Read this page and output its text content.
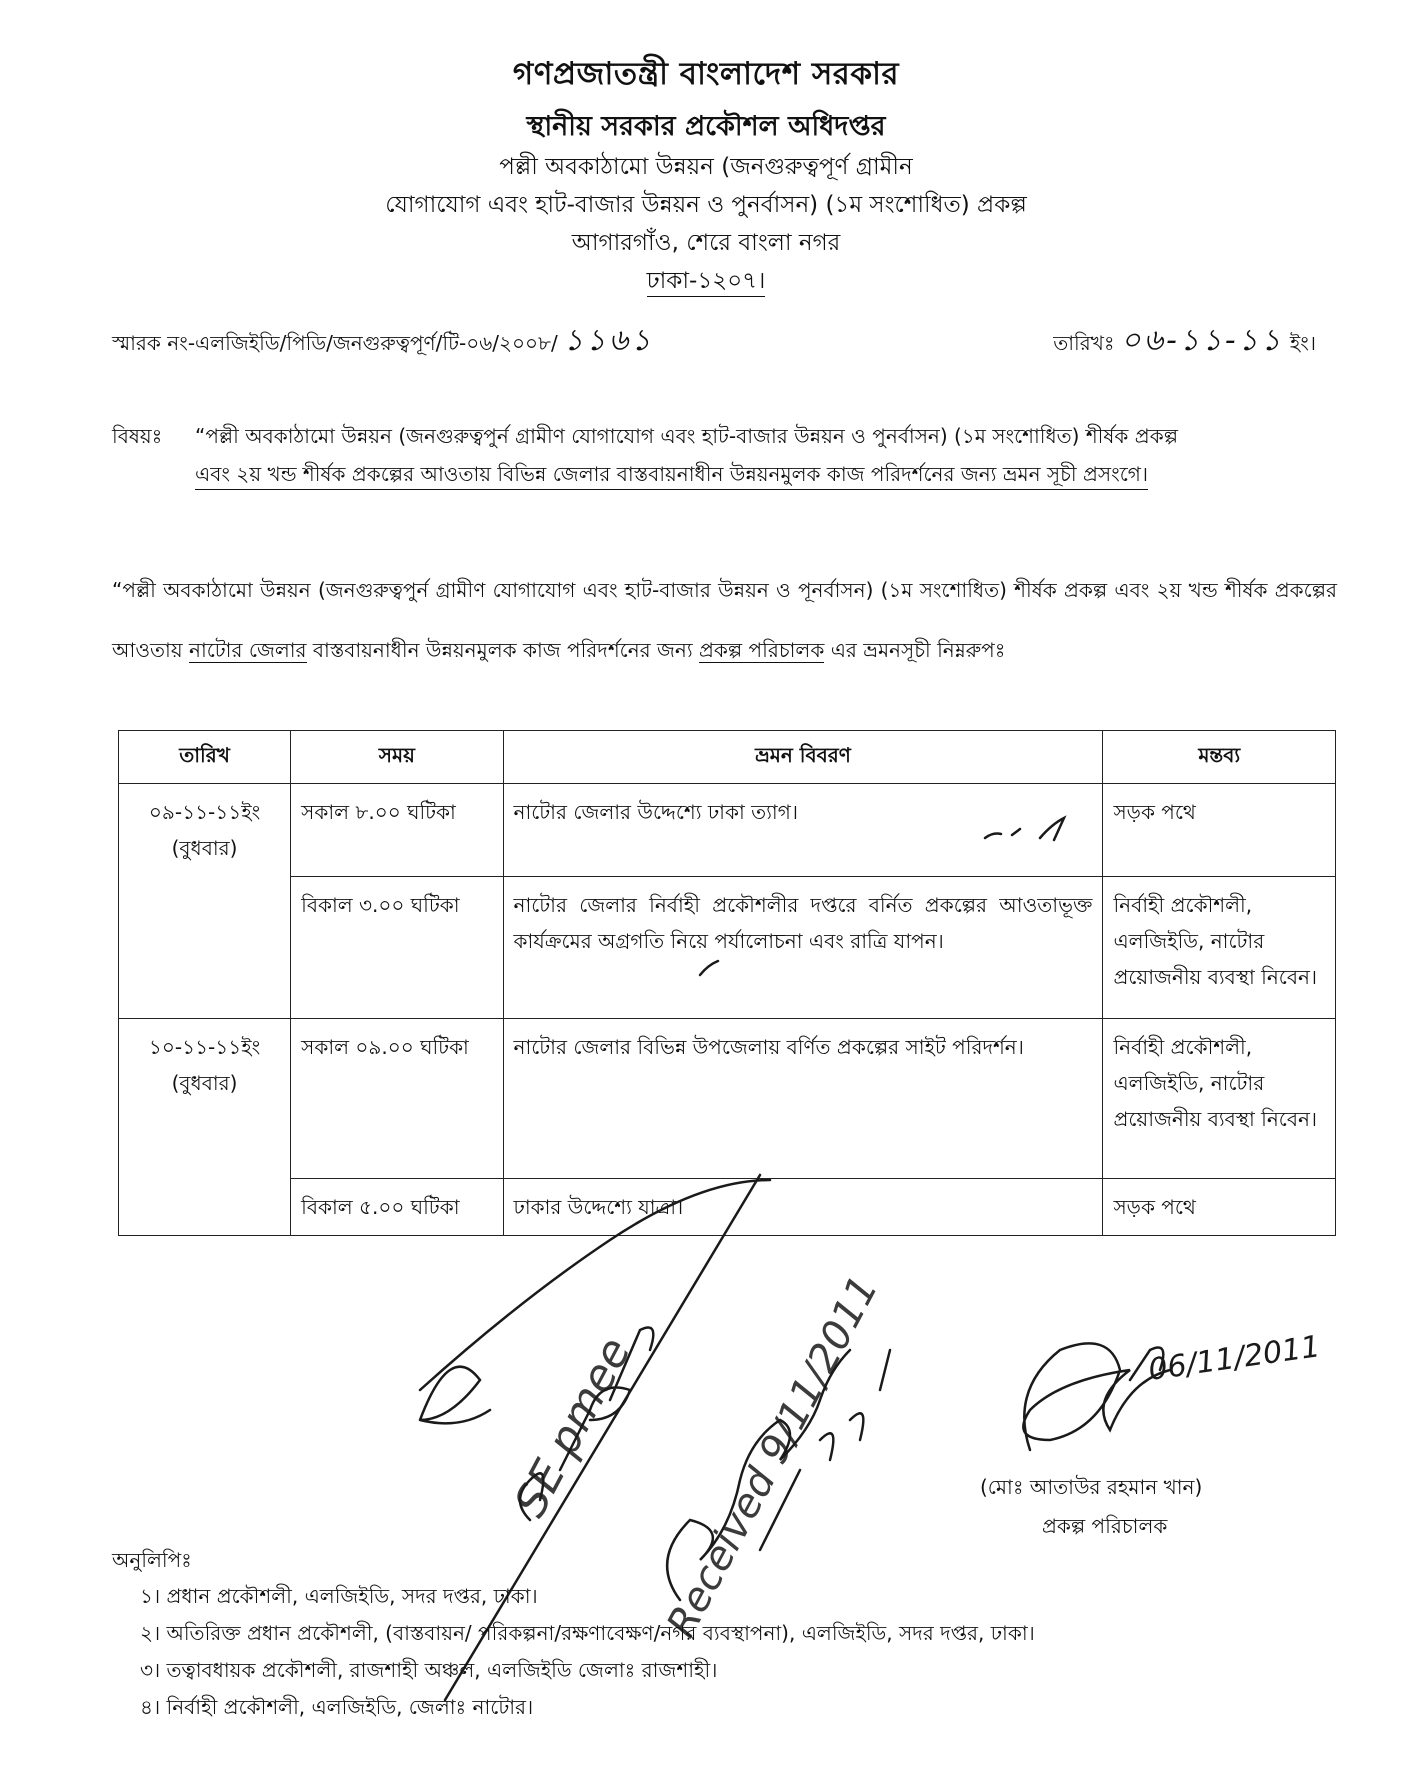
গণপ্রজাতন্ত্রী বাংলাদেশ সরকার
স্থানীয় সরকার প্রকৌশল অধিদপ্তর
পল্লী অবকাঠামো উন্নয়ন (জনগুরুত্বপূর্ণ গ্রামীন
যোগাযোগ এবং হাট-বাজার উন্নয়ন ও পুনর্বাসন) (১ম সংশোধিত) প্রকল্প
আগারগাঁও, শেরে বাংলা নগর
ঢাকা-১২০৭।
স্মারক নং-এলজিইডি/পিডি/জনগুরুত্বপূর্ণ/টি-০৬/২০০৮/ ১১৬১	তারিখঃ ০৬-১১-১১ ইং।
বিষয়ঃ “পল্লী অবকাঠামো উন্নয়ন (জনগুরুত্বপুর্ন গ্রামীণ যোগাযোগ এবং হাট-বাজার উন্নয়ন ও পুনর্বাসন) (১ম সংশোধিত) শীর্ষক প্রকল্প
এবং ২য় খন্ড শীর্ষক প্রকল্পের আওতায় বিভিন্ন জেলার বাস্তবায়নাধীন উন্নয়নমুলক কাজ পরিদর্শনের জন্য ভ্রমন সূচী প্রসংগে।
“পল্লী অবকাঠামো উন্নয়ন (জনগুরুত্বপুর্ন গ্রামীণ যোগাযোগ এবং হাট-বাজার উন্নয়ন ও পূনর্বাসন) (১ম সংশোধিত) শীর্ষক প্রকল্প এবং ২য় খন্ড শীর্ষক প্রকল্পের আওতায় নাটোর জেলার বাস্তবায়নাধীন উন্নয়নমুলক কাজ পরিদর্শনের জন্য প্রকল্প পরিচালক এর ভ্রমনসূচী নিম্নরুপঃ
তারিখ	সময়	ভ্রমন বিবরণ	মন্তব্য

০৯-১১-১১ইং
(বুধবার)	সকাল ৮.০০ ঘটিকা	নাটোর জেলার উদ্দেশ্যে ঢাকা ত্যাগ।	সড়ক পথে
	বিকাল ৩.০০ ঘটিকা	নাটোর জেলার নির্বাহী প্রকৌশলীর দপ্তরে বর্নিত প্রকল্পের আওতাভূক্ত কার্যক্রমের অগ্রগতি নিয়ে পর্যালোচনা এবং রাত্রি যাপন।	নির্বাহী প্রকৌশলী, এলজিইডি, নাটোর প্রয়োজনীয় ব্যবস্থা নিবেন।

১০-১১-১১ইং
(বুধবার)	সকাল ০৯.০০ ঘটিকা	নাটোর জেলার বিভিন্ন উপজেলায় বর্ণিত প্রকল্পের সাইট পরিদর্শন।	নির্বাহী প্রকৌশলী, এলজিইডি, নাটোর প্রয়োজনীয় ব্যবস্থা নিবেন।
	বিকাল ৫.০০ ঘটিকা	ঢাকার উদ্দেশ্যে যাত্রা।	সড়ক পথে
06/11/2011
SE pmee Received 9/11/2011	(মোঃ আতাউর রহমান খান)
প্রকল্প পরিচালক
অনুলিপিঃ
১। প্রধান প্রকৌশলী, এলজিইডি, সদর দপ্তর, ঢাকা।
২। অতিরিক্ত প্রধান প্রকৌশলী, (বাস্তবায়ন/ পরিকল্পনা/রক্ষণাবেক্ষণ/নগর ব্যবস্থাপনা), এলজিইডি, সদর দপ্তর, ঢাকা।
৩। তত্বাবধায়ক প্রকৌশলী, রাজশাহী অঞ্চল, এলজিইডি জেলাঃ রাজশাহী।
৪। নির্বাহী প্রকৌশলী, এলজিইডি, জেলাঃ নাটোর।
